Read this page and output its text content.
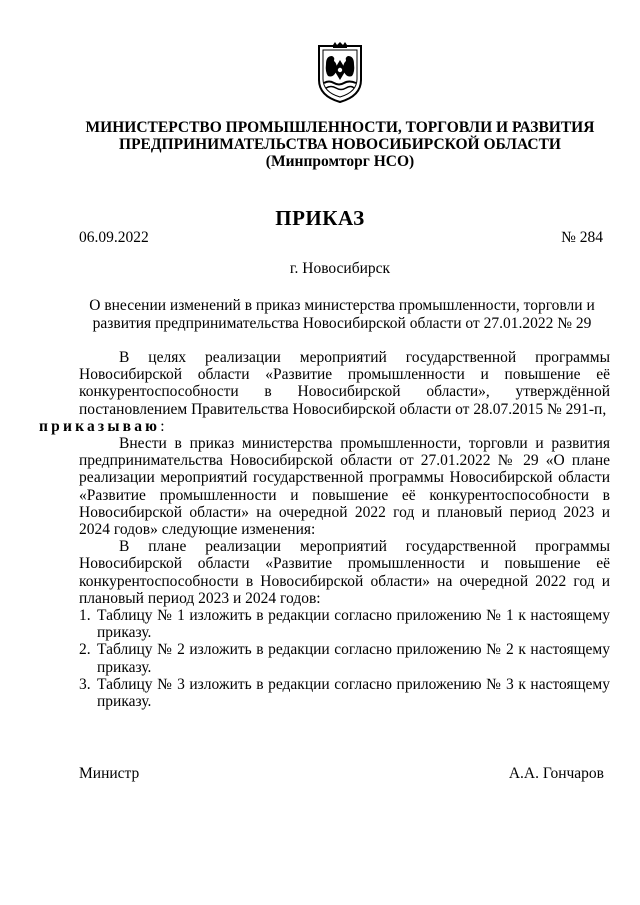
МИНИСТЕРСТВО ПРОМЫШЛЕННОСТИ, ТОРГОВЛИ И РАЗВИТИЯ
ПРЕДПРИНИМАТЕЛЬСТВА НОВОСИБИРСКОЙ ОБЛАСТИ
(Минпромторг НСО)
ПРИКАЗ
06.09.2022	№ 284
г. Новосибирск
О внесении изменений в приказ министерства промышленности, торговли и развития предпринимательства Новосибирской области от 27.01.2022 № 29

В целях реализации мероприятий государственной программы Новосибирской области «Развитие промышленности и повышение её конкурентоспособности в Новосибирской области», утверждённой постановлением Правительства Новосибирской области от 28.07.2015 № 291-п,
приказываю:

Внести в приказ министерства промышленности, торговли и развития предпринимательства Новосибирской области от 27.01.2022 № 29 «О плане реализации мероприятий государственной программы Новосибирской области «Развитие промышленности и повышение её конкурентоспособности в Новосибирской области» на очередной 2022 год и плановый период 2023 и 2024 годов» следующие изменения:

В плане реализации мероприятий государственной программы Новосибирской области «Развитие промышленности и повышение её конкурентоспособности в Новосибирской области» на очередной 2022 год и плановый период 2023 и 2024 годов:

1. Таблицу № 1 изложить в редакции согласно приложению № 1 к настоящему приказу.
2. Таблицу № 2 изложить в редакции согласно приложению № 2 к настоящему приказу.
3. Таблицу № 3 изложить в редакции согласно приложению № 3 к настоящему приказу.
Министр	А.А. Гончаров
